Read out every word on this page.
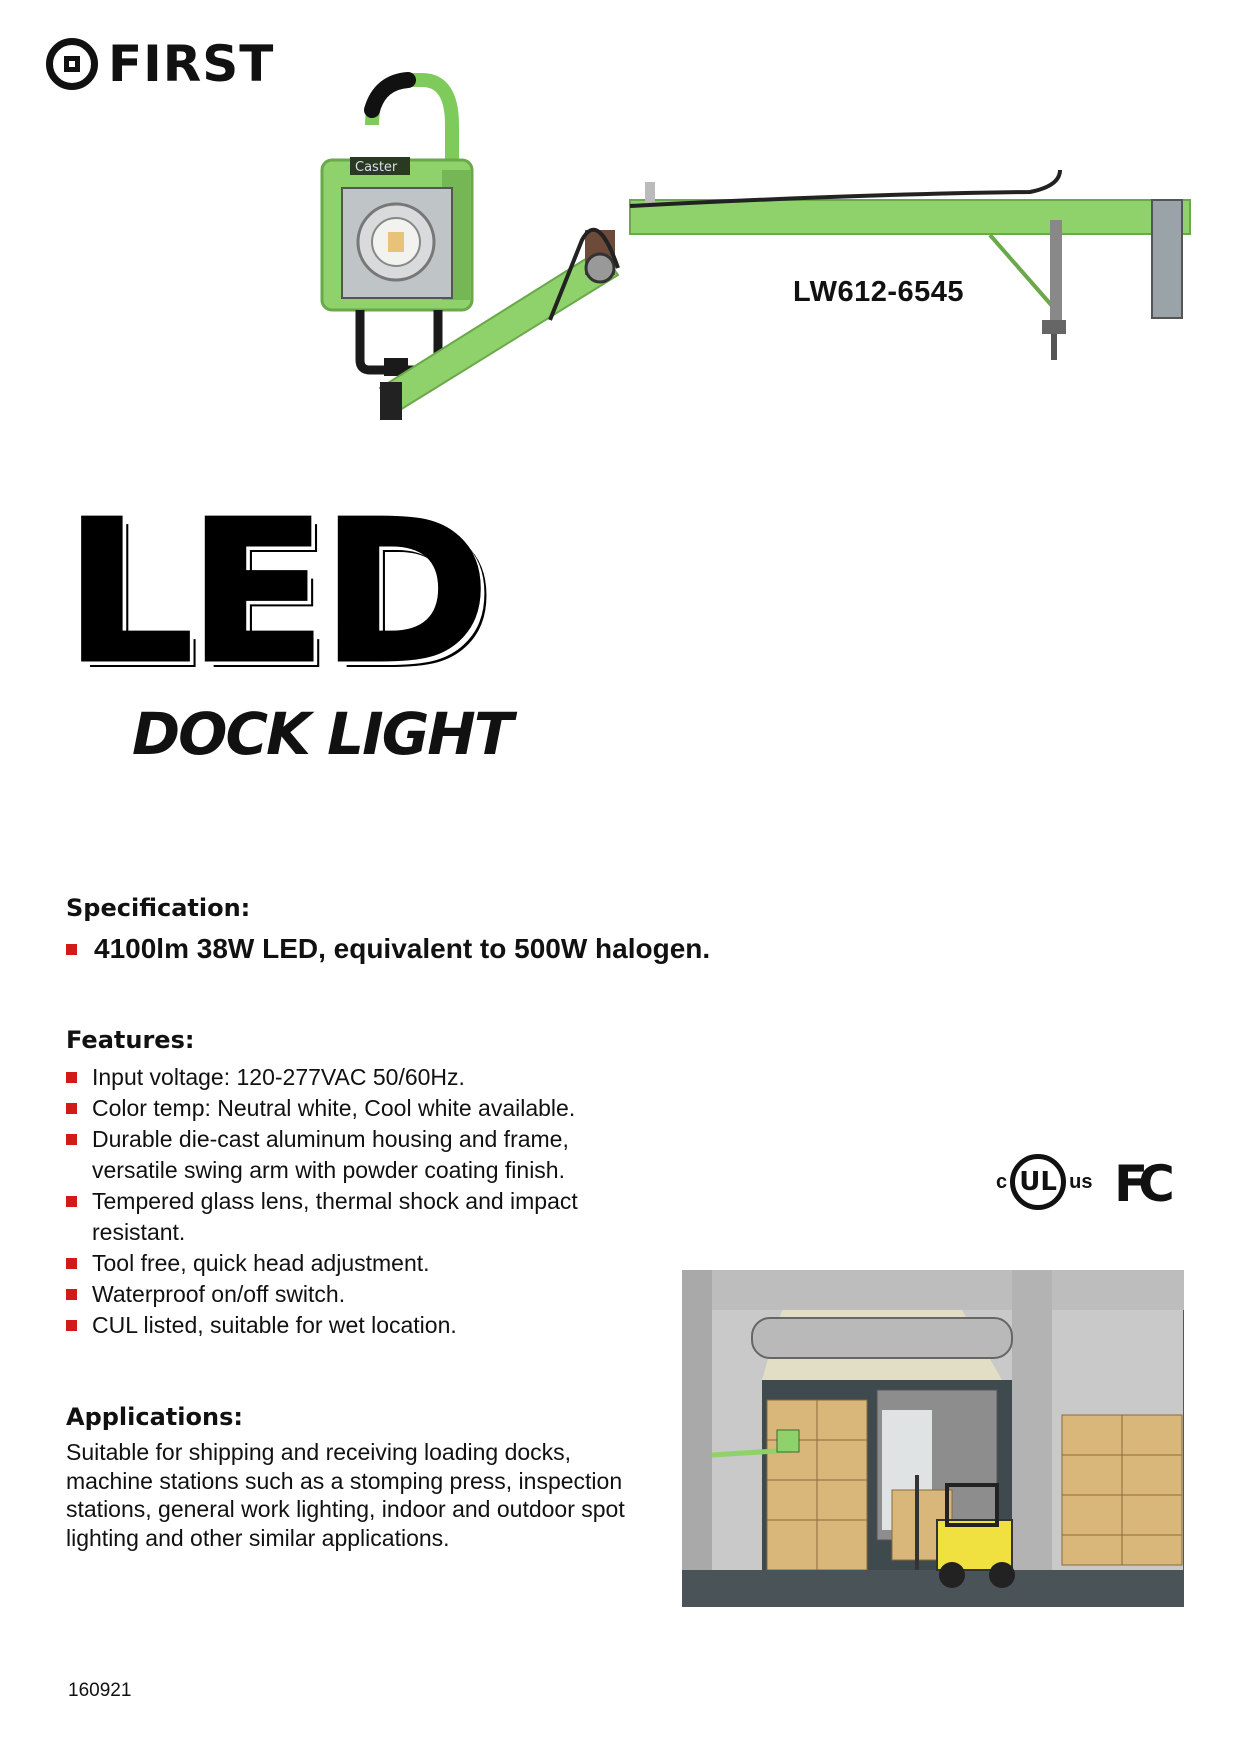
FIRST
Caster
LW612-6545
LED
DOCK LIGHT
Specification:
4100lm 38W LED, equivalent to 500W halogen.
Features:
Input voltage: 120-277VAC 50/60Hz.
Color temp: Neutral white, Cool white available.
Durable die-cast aluminum housing and frame,
versatile swing arm with powder coating finish.
Tempered glass lens, thermal shock and impact
resistant.
Tool free, quick head adjustment.
Waterproof on/off switch.
CUL listed, suitable for wet location.
Applications:
Suitable for shipping and receiving loading docks, machine stations such as a stomping press, inspection stations, general work lighting, indoor and outdoor spot lighting and other similar applications.
c UL us FC
160921
